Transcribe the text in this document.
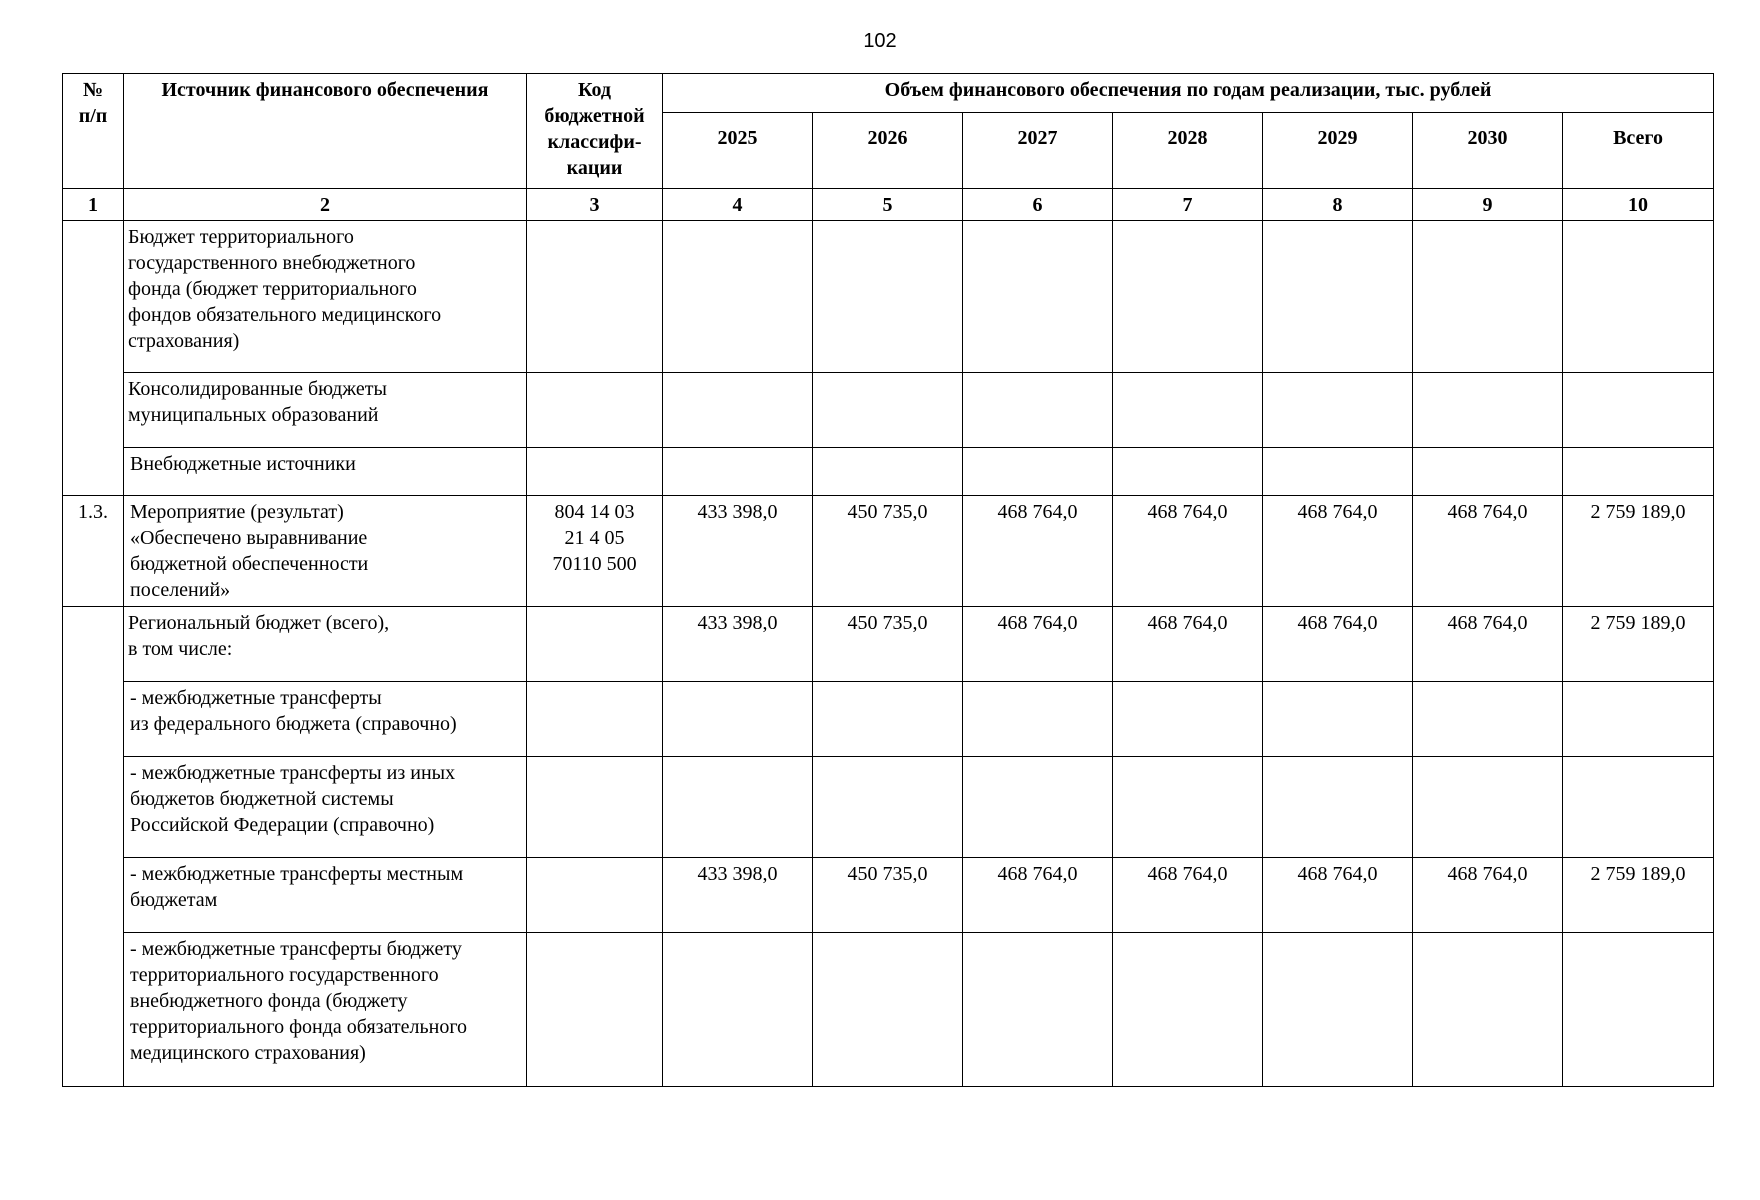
102
№
п/п	Источник финансового обеспечения	Код
бюджетной
классифи-
кации	Объем финансового обеспечения по годам реализации, тыс. рублей						
			2025	2026	2027	2028	2029	2030	Всего
1	2	3	4	5	6	7	8	9	10

	Бюджет территориального
государственного внебюджетного
фонда (бюджет территориального
фондов обязательного медицинского
страхования)								

	Консолидированные бюджеты
муниципальных образований								

	Внебюджетные источники								

1.3.	Мероприятие (результат)
«Обеспечено выравнивание
бюджетной обеспеченности
поселений»	804 14 03
21 4 05
70110 500	433 398,0	450 735,0	468 764,0	468 764,0	468 764,0	468 764,0	2 759 189,0

	Региональный бюджет (всего),
в том числе:		433 398,0	450 735,0	468 764,0	468 764,0	468 764,0	468 764,0	2 759 189,0

	- межбюджетные трансферты
из федерального бюджета (справочно)								

	- межбюджетные трансферты из иных
бюджетов бюджетной системы
Российской Федерации (справочно)								

	- межбюджетные трансферты местным
бюджетам		433 398,0	450 735,0	468 764,0	468 764,0	468 764,0	468 764,0	2 759 189,0

	- межбюджетные трансферты бюджету
территориального государственного
внебюджетного фонда (бюджету
территориального фонда обязательного
медицинского страхования)								
